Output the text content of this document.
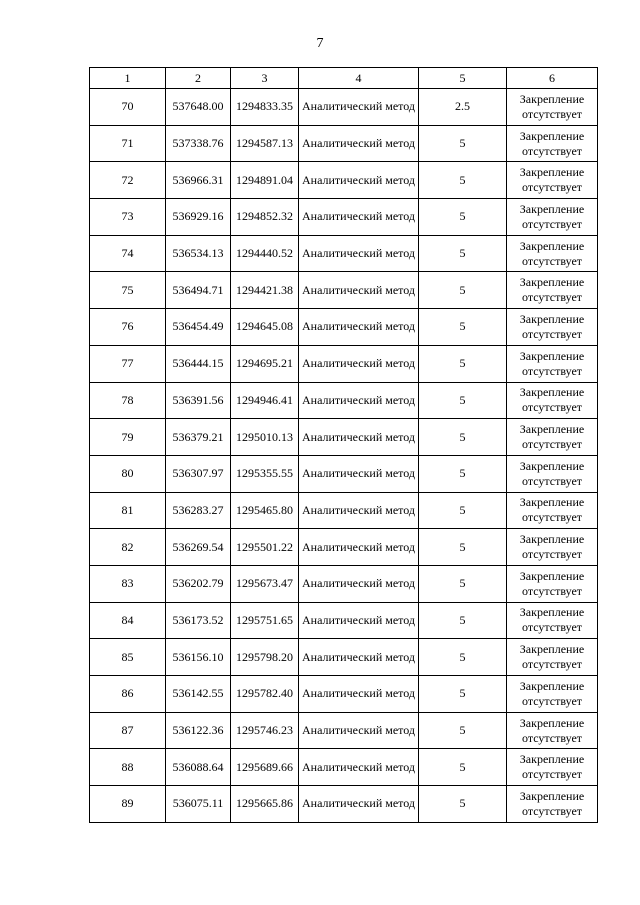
7
1	2	3	4	5	6
70	537648.00	1294833.35	Аналитический метод	2.5	Закрепление отсутствует
71	537338.76	1294587.13	Аналитический метод	5	Закрепление отсутствует
72	536966.31	1294891.04	Аналитический метод	5	Закрепление отсутствует
73	536929.16	1294852.32	Аналитический метод	5	Закрепление отсутствует
74	536534.13	1294440.52	Аналитический метод	5	Закрепление отсутствует
75	536494.71	1294421.38	Аналитический метод	5	Закрепление отсутствует
76	536454.49	1294645.08	Аналитический метод	5	Закрепление отсутствует
77	536444.15	1294695.21	Аналитический метод	5	Закрепление отсутствует
78	536391.56	1294946.41	Аналитический метод	5	Закрепление отсутствует
79	536379.21	1295010.13	Аналитический метод	5	Закрепление отсутствует
80	536307.97	1295355.55	Аналитический метод	5	Закрепление отсутствует
81	536283.27	1295465.80	Аналитический метод	5	Закрепление отсутствует
82	536269.54	1295501.22	Аналитический метод	5	Закрепление отсутствует
83	536202.79	1295673.47	Аналитический метод	5	Закрепление отсутствует
84	536173.52	1295751.65	Аналитический метод	5	Закрепление отсутствует
85	536156.10	1295798.20	Аналитический метод	5	Закрепление отсутствует
86	536142.55	1295782.40	Аналитический метод	5	Закрепление отсутствует
87	536122.36	1295746.23	Аналитический метод	5	Закрепление отсутствует
88	536088.64	1295689.66	Аналитический метод	5	Закрепление отсутствует
89	536075.11	1295665.86	Аналитический метод	5	Закрепление отсутствует
